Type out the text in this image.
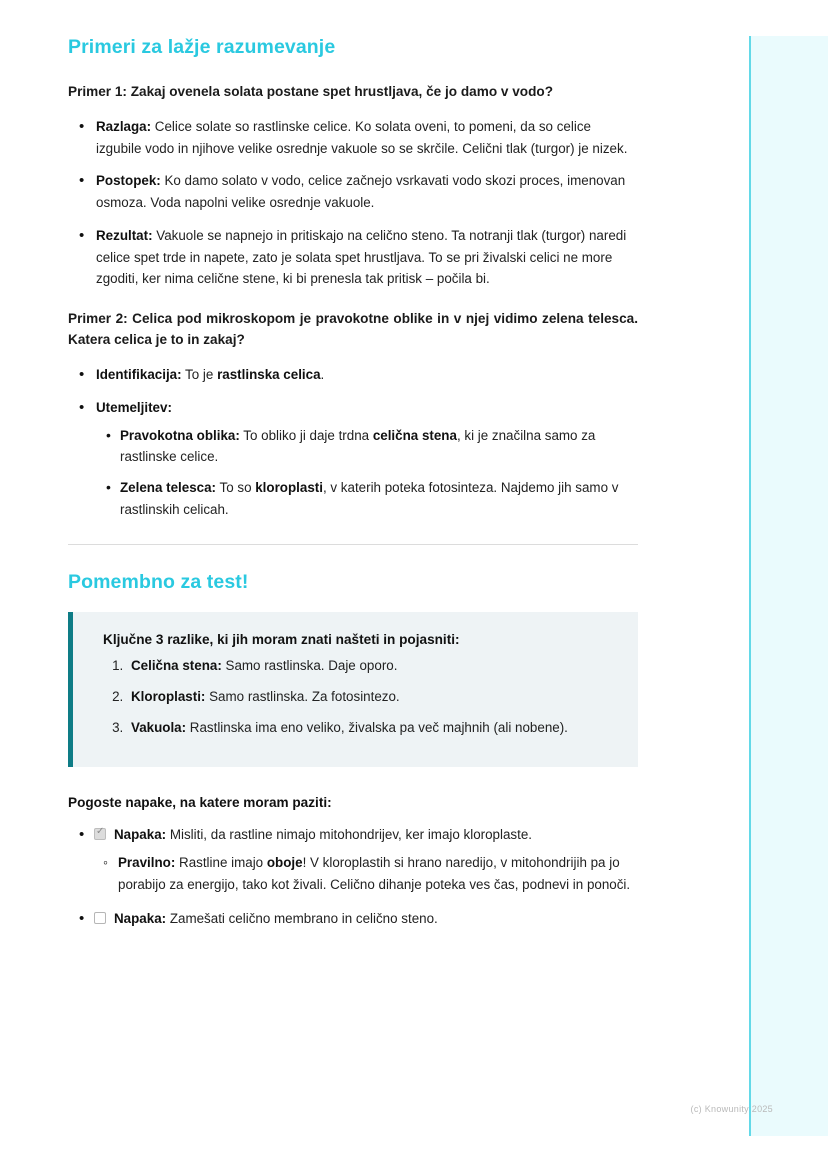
Primeri za lažje razumevanje

Primer 1: Zakaj ovenela solata postane spet hrustljava, če jo damo v vodo?

• Razlaga: Celice solate so rastlinske celice. Ko solata oveni, to pomeni, da so celice izgubile vodo in njihove velike osrednje vakuole so se skrčile. Celični tlak (turgor) je nizek.
• Postopek: Ko damo solato v vodo, celice začnejo vsrkavati vodo skozi proces, imenovan osmoza. Voda napolni velike osrednje vakuole.
• Rezultat: Vakuole se napnejo in pritiskajo na celično steno. Ta notranji tlak (turgor) naredi celice spet trde in napete, zato je solata spet hrustljava. To se pri živalski celici ne more zgoditi, ker nima celične stene, ki bi prenesla tak pritisk – počila bi.

Primer 2: Celica pod mikroskopom je pravokotne oblike in v njej vidimo zelena telesca. Katera celica je to in zakaj?

• Identifikacija: To je rastlinska celica.
• Utemeljitev:
• Pravokotna oblika: To obliko ji daje trdna celična stena, ki je značilna samo za rastlinske celice.
• Zelena telesca: To so kloroplasti, v katerih poteka fotosinteza. Najdemo jih samo v rastlinskih celicah.
Pomembno za test!

Ključne 3 razlike, ki jih moram znati našteti in pojasniti:

1. Celična stena: Samo rastlinska. Daje oporo.
2. Kloroplasti: Samo rastlinska. Za fotosintezo.
3. Vakuola: Rastlinska ima eno veliko, živalska pa več majhnih (ali nobene).

Pogoste napake, na katere moram paziti:

✓• Napaka: Misliti, da rastline nimajo mitohondrijev, ker imajo kloroplaste.
◦ Pravilno: Rastline imajo oboje! V kloroplastih si hrano naredijo, v mitohondrijih pa jo porabijo za energijo, tako kot živali. Celično dihanje poteka ves čas, podnevi in ponoči.
• Napaka: Zamešati celično membrano in celično steno.
(c) Knowunity 2025
